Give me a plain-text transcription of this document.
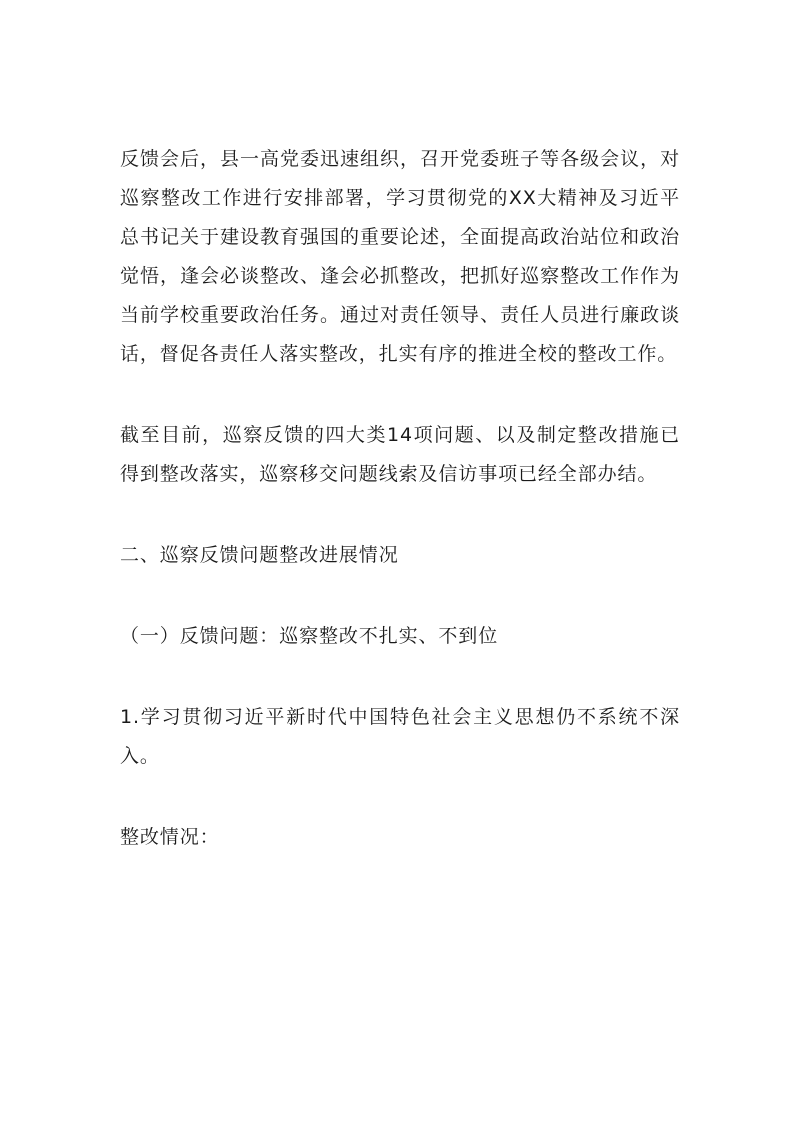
反馈会后，县一高党委迅速组织，召开党委班子等各级会议，对巡察整改工作进行安排部署，学习贯彻党的XX大精神及习近平总书记关于建设教育强国的重要论述，全面提高政治站位和政治觉悟，逢会必谈整改、逢会必抓整改，把抓好巡察整改工作作为当前学校重要政治任务。通过对责任领导、责任人员进行廉政谈话，督促各责任人落实整改，扎实有序的推进全校的整改工作。

截至目前，巡察反馈的四大类14项问题、以及制定整改措施已得到整改落实，巡察移交问题线索及信访事项已经全部办结。

二、巡察反馈问题整改进展情况

（一）反馈问题：巡察整改不扎实、不到位

1.学习贯彻习近平新时代中国特色社会主义思想仍不系统不深入。

整改情况：
